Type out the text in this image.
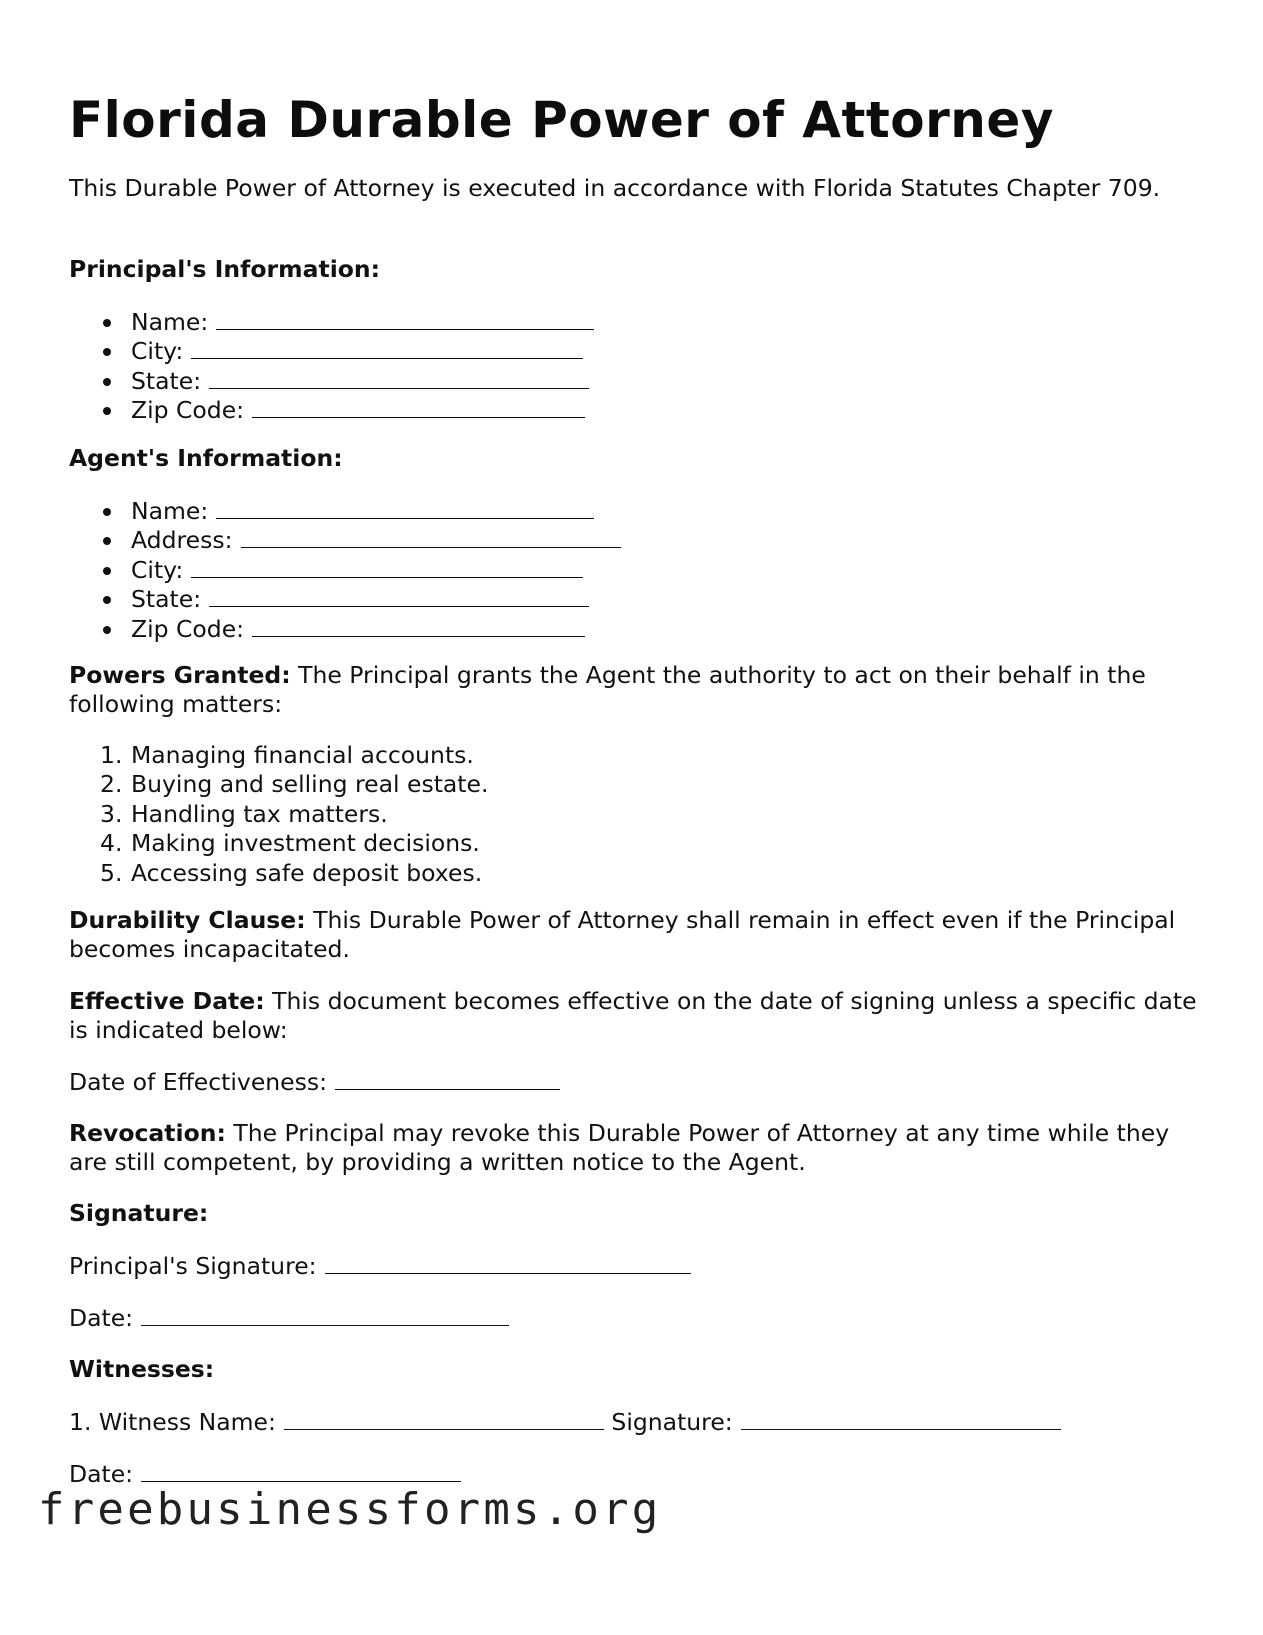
Florida Durable Power of Attorney

This Durable Power of Attorney is executed in accordance with Florida Statutes Chapter 709.

Principal's Information:
Name:
City:
State:
Zip Code:
Agent's Information:
Name:
Address:
City:
State:
Zip Code:

Powers Granted: The Principal grants the Agent the authority to act on their behalf in the following matters:

1. Managing financial accounts.
2. Buying and selling real estate.
3. Handling tax matters.
4. Making investment decisions.
5. Accessing safe deposit boxes.

Durability Clause: This Durable Power of Attorney shall remain in effect even if the Principal becomes incapacitated.

Effective Date: This document becomes effective on the date of signing unless a specific date is indicated below:

Date of Effectiveness:

Revocation: The Principal may revoke this Durable Power of Attorney at any time while they are still competent, by providing a written notice to the Agent.

Signature:
Principal's Signature:
Date:
Witnesses:
1. Witness Name:	Signature:
Date:
freebusinessforms.org
